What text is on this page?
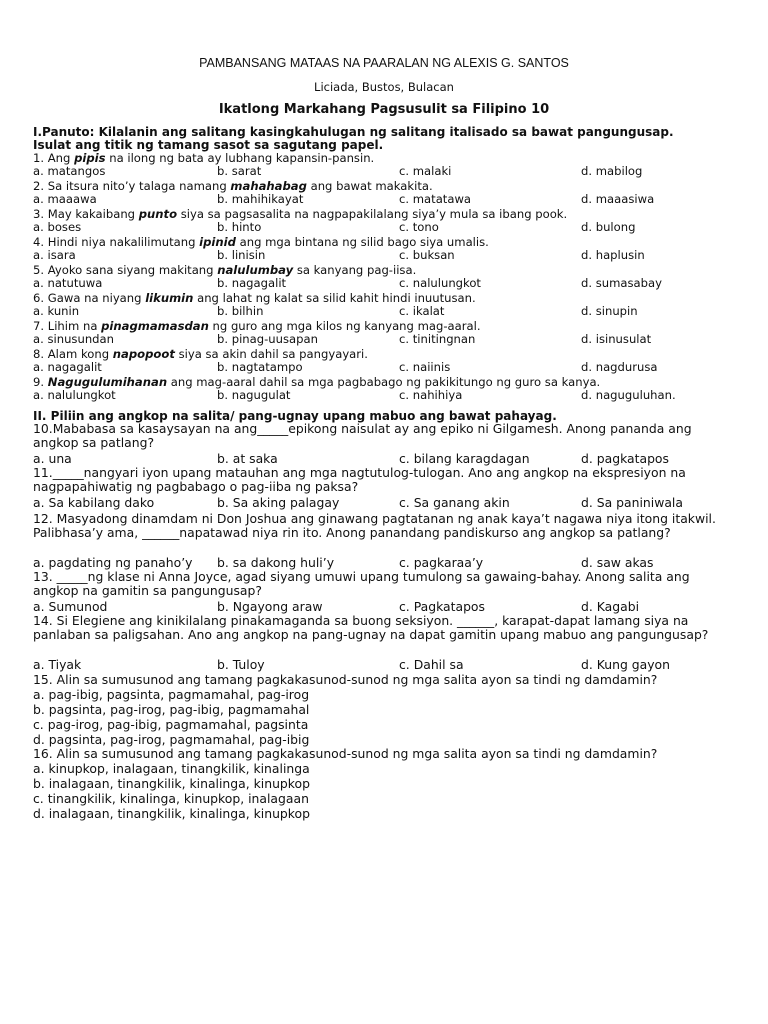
PAMBANSANG MATAAS NA PAARALAN NG ALEXIS G. SANTOS
Liciada, Bustos, Bulacan
Ikatlong Markahang Pagsusulit sa Filipino 10
I.Panuto: Kilalanin ang salitang kasingkahulugan ng salitang italisado sa bawat pangungusap.
Isulat ang titik ng tamang sasot sa sagutang papel.
1. Ang pipis na ilong ng bata ay lubhang kapansin-pansin.
a. matangos	b. sarat	c. malaki	d. mabilog
2. Sa itsura nito’y talaga namang mahahabag ang bawat makakita.
a. maaawa	b. mahihikayat	c. matatawa	d. maaasiwa
3. May kakaibang punto siya sa pagsasalita na nagpapakilalang siya’y mula sa ibang pook.
a. boses	b. hinto	c. tono	d. bulong
4. Hindi niya nakalilimutang ipinid ang mga bintana ng silid bago siya umalis.
a. isara	b. linisin	c. buksan	d. haplusin
5. Ayoko sana siyang makitang nalulumbay sa kanyang pag-iisa.
a. natutuwa	b. nagagalit	c. nalulungkot	d. sumasabay
6. Gawa na niyang likumin ang lahat ng kalat sa silid kahit hindi inuutusan.
a. kunin	b. bilhin	c. ikalat	d. sinupin
7. Lihim na pinagmamasdan ng guro ang mga kilos ng kanyang mag-aaral.
a. sinusundan	b. pinag-uusapan	c. tinitingnan	d. isinusulat
8. Alam kong napopoot siya sa akin dahil sa pangyayari.
a. nagagalit	b. nagtatampo	c. naiinis	d. nagdurusa
9. Nagugulumihanan ang mag-aaral dahil sa mga pagbabago ng pakikitungo ng guro sa kanya.
a. nalulungkot	b. nagugulat	c. nahihiya	d. naguguluhan.
II. Piliin ang angkop na salita/ pang-ugnay upang mabuo ang bawat pahayag.
10.Mababasa sa kasaysayan na ang_____epikong naisulat ay ang epiko ni Gilgamesh. Anong pananda ang angkop sa patlang?
a. una	b. at saka	c. bilang karagdagan	d. pagkatapos
11._____nangyari iyon upang matauhan ang mga nagtutulog-tulogan. Ano ang angkop na ekspresiyon na nagpapahiwatig ng pagbabago o pag-iiba ng paksa?
a. Sa kabilang dako	b. Sa aking palagay	c. Sa ganang akin	d. Sa paniniwala
12. Masyadong dinamdam ni Don Joshua ang ginawang pagtatanan ng anak kaya’t nagawa niya itong itakwil. Palibhasa’y ama, ______napatawad niya rin ito. Anong panandang pandiskurso ang angkop sa patlang?
a. pagdating ng panaho’y b. sa dakong huli’y	c. pagkaraa’y	d. saw akas
13. _____ng klase ni Anna Joyce, agad siyang umuwi upang tumulong sa gawaing-bahay. Anong salita ang angkop na gamitin sa pangungusap?
a. Sumunod	b. Ngayong araw	c. Pagkatapos	d. Kagabi
14. Si Elegiene ang kinikilalang pinakamaganda sa buong seksiyon. ______, karapat-dapat lamang siya na panlaban sa paligsahan. Ano ang angkop na pang-ugnay na dapat gamitin upang mabuo ang pangungusap?
a. Tiyak	b. Tuloy	c. Dahil sa	d. Kung gayon
15. Alin sa sumusunod ang tamang pagkakasunod-sunod ng mga salita ayon sa tindi ng damdamin?
a. pag-ibig, pagsinta, pagmamahal, pag-irog
b. pagsinta, pag-irog, pag-ibig, pagmamahal
c. pag-irog, pag-ibig, pagmamahal, pagsinta
d. pagsinta, pag-irog, pagmamahal, pag-ibig
16. Alin sa sumusunod ang tamang pagkakasunod-sunod ng mga salita ayon sa tindi ng damdamin?
a. kinupkop, inalagaan, tinangkilik, kinalinga
b. inalagaan, tinangkilik, kinalinga, kinupkop
c. tinangkilik, kinalinga, kinupkop, inalagaan
d. inalagaan, tinangkilik, kinalinga, kinupkop
